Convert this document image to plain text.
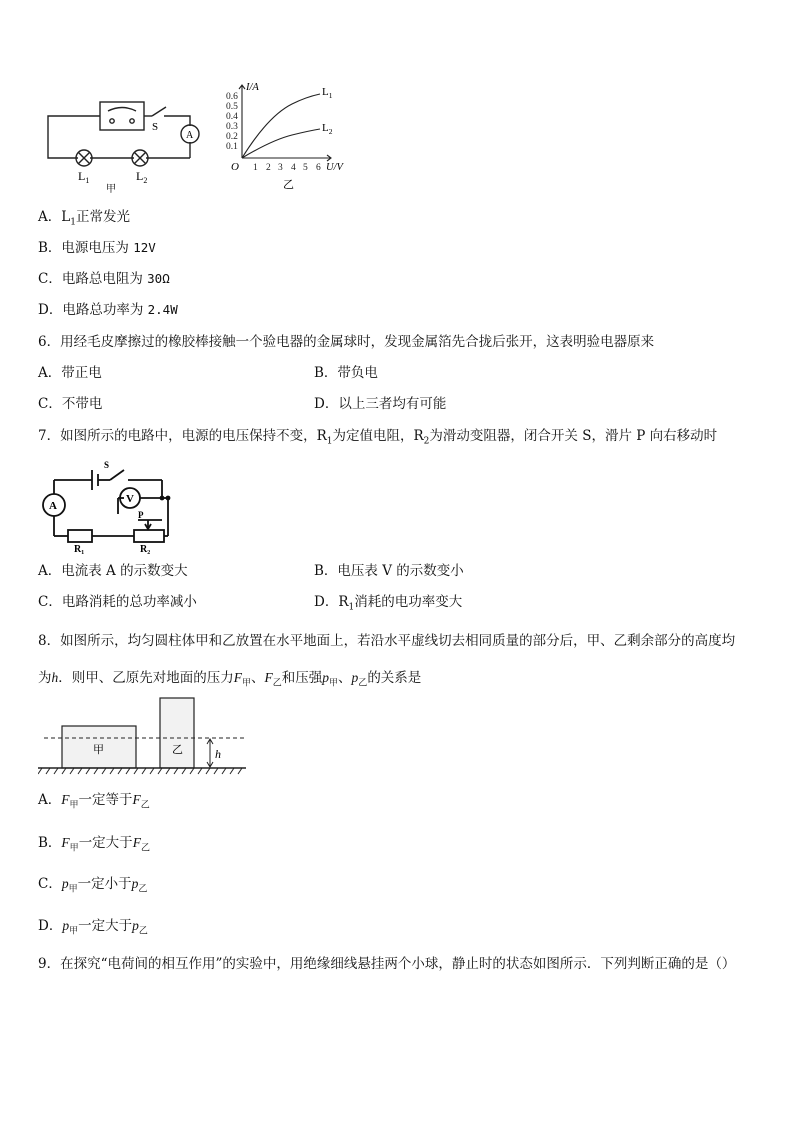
A
S
$L_1$	$L_2$
甲
0.6
0.5
0.4
0.3
0.2
0.1
1 2 3 4 5 6
O
I/A
U/V
$L_1$
$L_2$
乙
A．$L_1$正常发光
B．电源电压为 12V
C．电路总电阻为 30Ω
D．电路总功率为 2.4W
6．用经毛皮摩擦过的橡胶棒接触一个验电器的金属球时，发现金属箔先合拢后张开，这表明验电器原来
A．带正电	B．带负电
C．不带电	D．以上三者均有可能
7．如图所示的电路中，电源的电压保持不变，$R_1$为定值电阻，$R_2$为滑动变阻器，闭合开关 S，滑片 P 向右移动时
S
A
V
P
R₁	R₂
A．电流表 A 的示数变大	B．电压表 V 的示数变小
C．电路消耗的总功率减小	D．$R_1$消耗的电功率变大
8．如图所示，均匀圆柱体甲和乙放置在水平地面上，若沿水平虚线切去相同质量的部分后，甲、乙剩余部分的高度均
为h．则甲、乙原先对地面的压力$F_甲$、$F_乙$和压强$p_甲$、$p_乙$的关系是
h
甲	乙
A．$F_甲$一定等于$F_乙$
B．$F_甲$一定大于$F_乙$
C．$p_甲$一定小于$p_乙$
D．$p_甲$一定大于$p_乙$
9．在探究“电荷间的相互作用”的实验中，用绝缘细线悬挂两个小球，静止时的状态如图所示．下列判断正确的是（）
